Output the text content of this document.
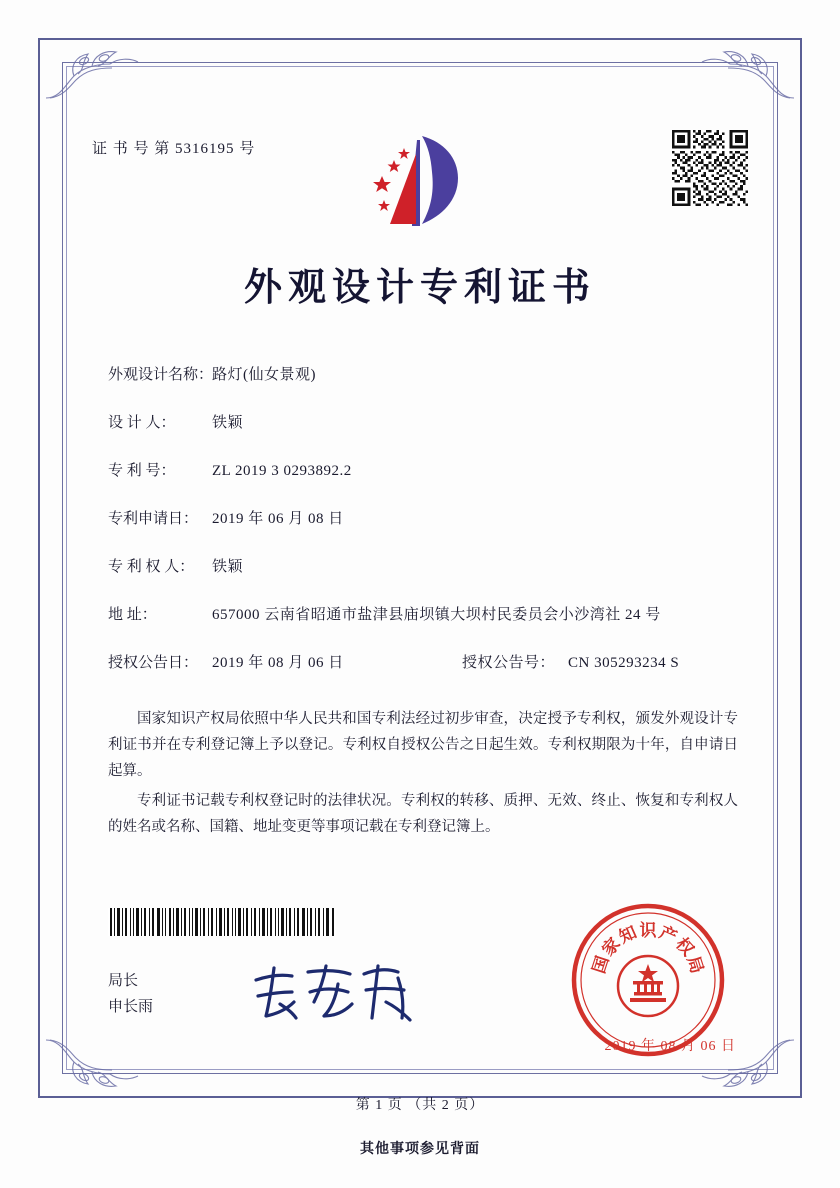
证 书 号 第 5316195 号
外观设计专利证书
外观设计名称：
路灯(仙女景观)
设 计 人：	铁颖
专 利 号：	ZL 2019 3 0293892.2
专利申请日： 2019 年 06 月 08 日
专 利 权 人：	铁颖
地 址：	657000 云南省昭通市盐津县庙坝镇大坝村民委员会小沙湾社 24 号
授权公告日： 2019 年 08 月 06 日	授权公告号： CN 305293234 S

国家知识产权局依照中华人民共和国专利法经过初步审查，决定授予专利权，颁发外观设计专利证书并在专利登记簿上予以登记。专利权自授权公告之日起生效。专利权期限为十年，自申请日起算。

专利证书记载专利权登记时的法律状况。专利权的转移、质押、无效、终止、恢复和专利权人的姓名或名称、国籍、地址变更等事项记载在专利登记簿上。

局长
申长雨
国
家
知 识 产
权
局
2019 年 08 月 06 日
第 1 页 （共 2 页）
其他事项参见背面
